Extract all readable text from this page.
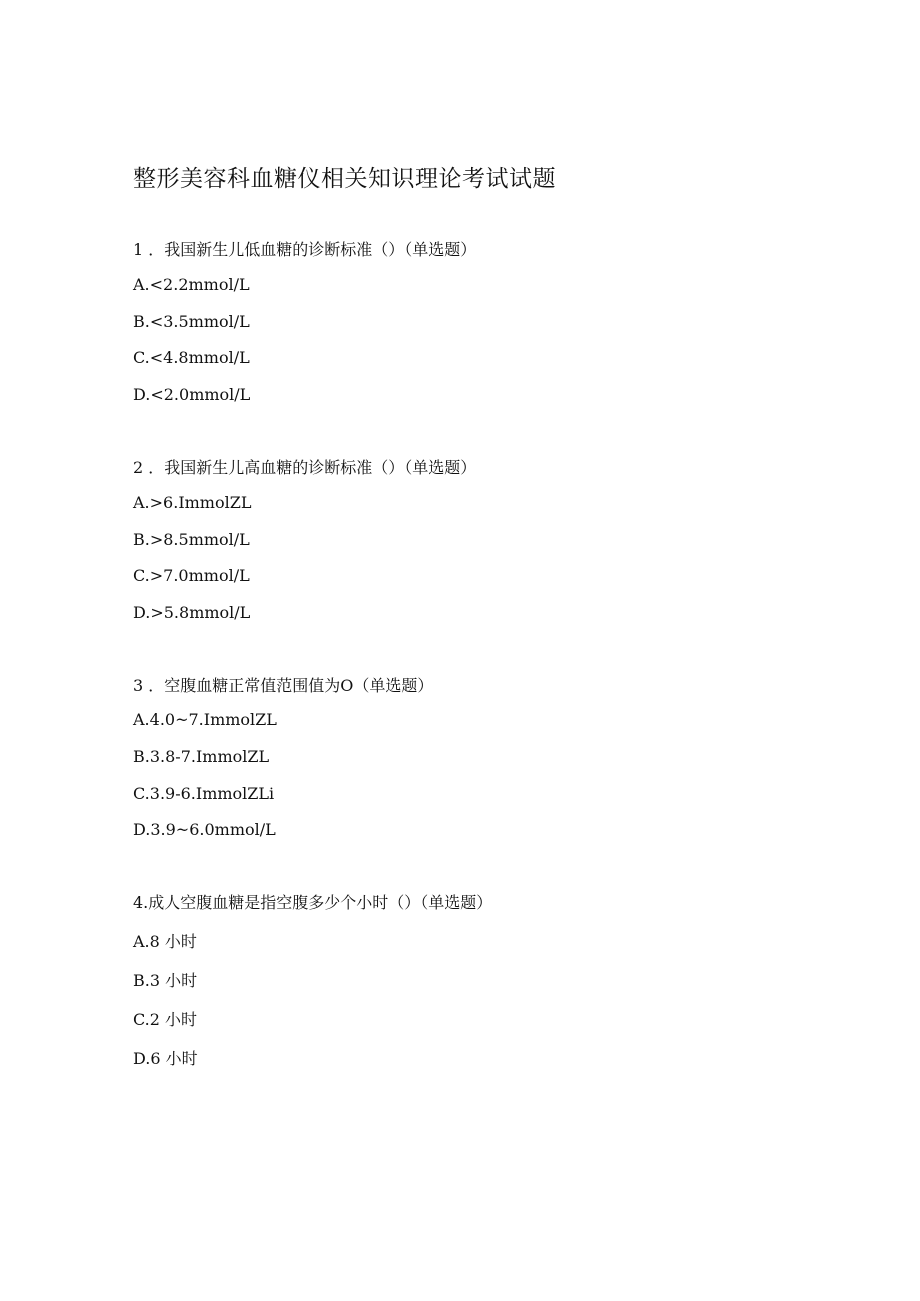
整形美容科血糖仪相关知识理论考试试题
1 ．我国新生儿低血糖的诊断标准（）（单选题）
A.<2.2mmol∕L
B.<3.5mmol∕L
C.<4.8mmol∕L
D.<2.0mmol∕L
2 ．我国新生儿高血糖的诊断标准（）（单选题）
A.>6.ImmolZL
B.>8.5mmol∕L
C.>7.0mmol∕L
D.>5.8mmol∕L
3 ．空腹血糖正常值范围值为O（单选题）
A.4.0~7.ImmolZL
B.3.8-7.ImmolZL
C.3.9-6.ImmolZLi
D.3.9~6.0mmol∕L
4.成人空腹血糖是指空腹多少个小时（）（单选题）
A.8 小时
B.3 小时
C.2 小时
D.6 小时
